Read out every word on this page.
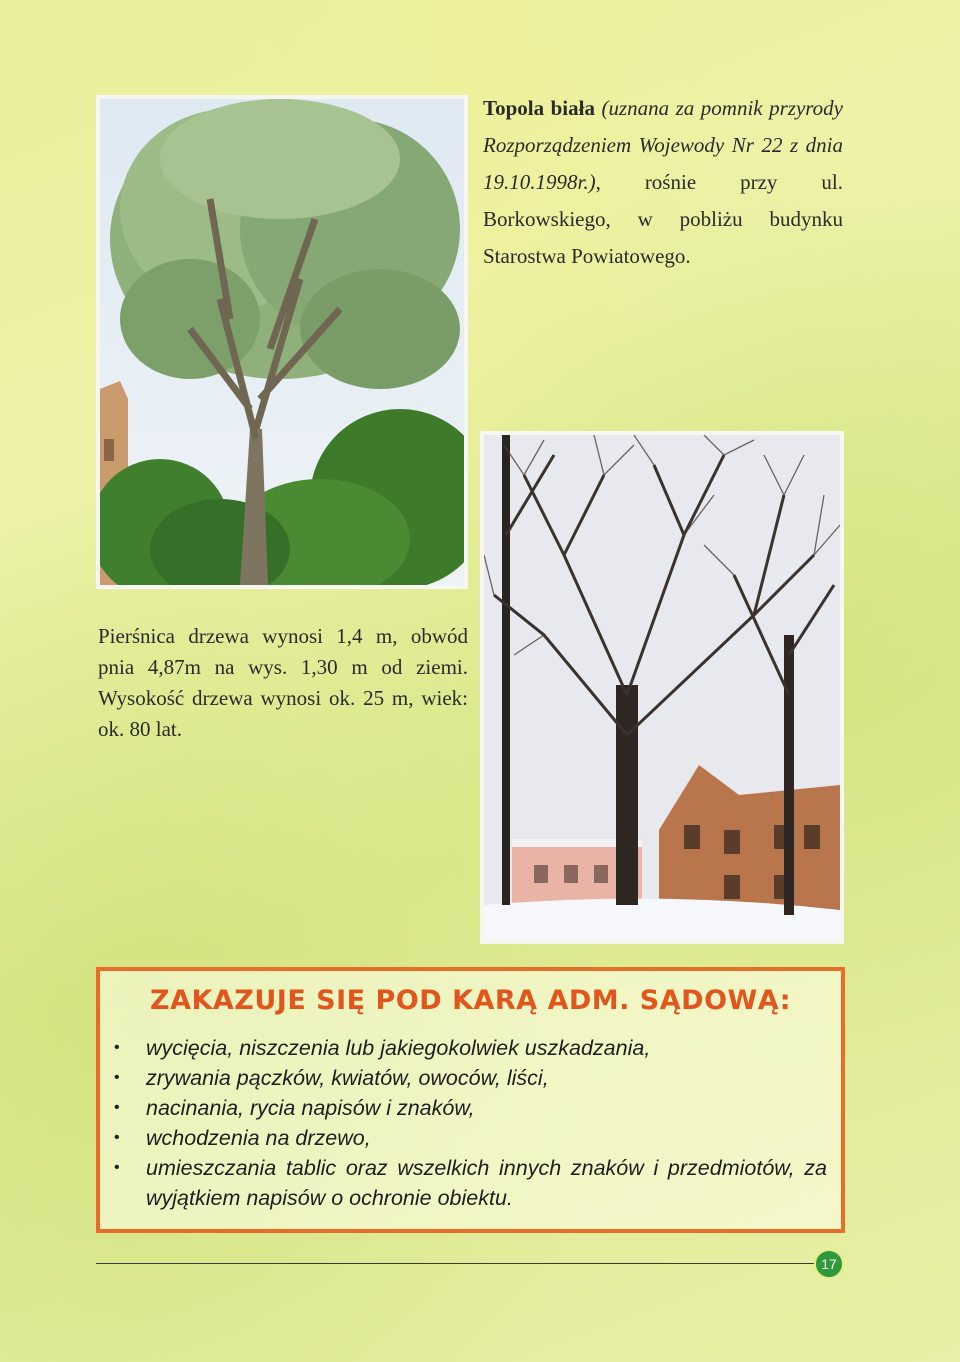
Topola biała (uznana za pomnik przyrody Rozporządzeniem Wojewody Nr 22 z dnia 19.10.1998r.), rośnie przy ul. Borkowskiego, w pobliżu budynku Starostwa Powiatowego.
Pierśnica drzewa wynosi 1,4 m, obwód pnia 4,87m na wys. 1,30 m od ziemi. Wysokość drzewa wynosi ok. 25 m, wiek: ok. 80 lat.
ZAKAZUJE SIĘ POD KARĄ ADM. SĄDOWĄ:
• wycięcia, niszczenia lub jakiegokolwiek uszkadzania,
• zrywania pączków, kwiatów, owoców, liści,
• nacinania, rycia napisów i znaków,
• wchodzenia na drzewo,
• umieszczania tablic oraz wszelkich innych znaków i przedmiotów, za wyjątkiem napisów o ochronie obiektu.
17
